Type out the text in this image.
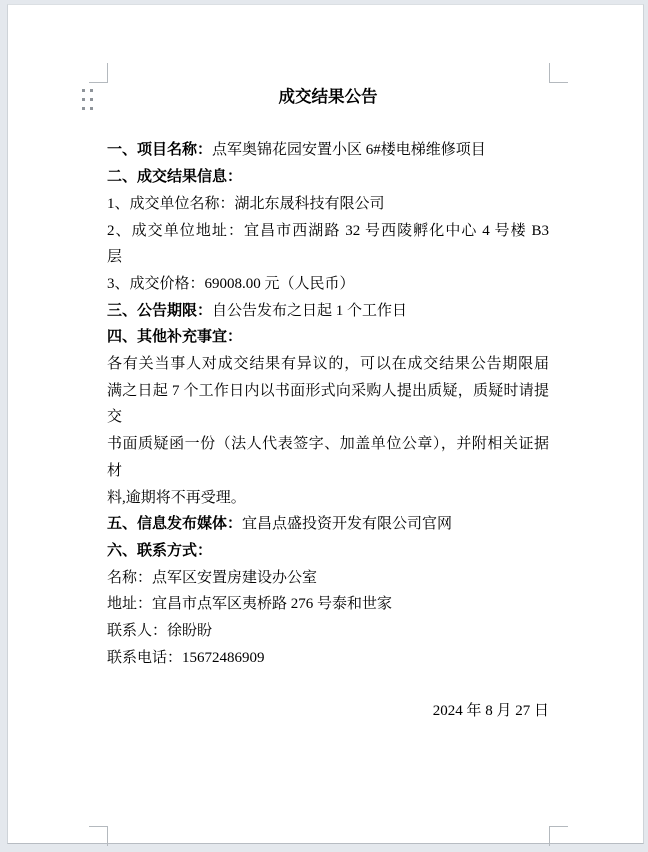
成交结果公告

一、项目名称：点军奥锦花园安置小区 6#楼电梯维修项目

二、成交结果信息：

1、成交单位名称：湖北东晟科技有限公司

2、成交单位地址：宜昌市西湖路 32 号西陵孵化中心 4 号楼 B3
层

3、成交价格：69008.00 元（人民币）

三、公告期限：自公告发布之日起 1 个工作日

四、其他补充事宜：

各有关当事人对成交结果有异议的，可以在成交结果公告期限届
满之日起 7 个工作日内以书面形式向采购人提出质疑，质疑时请提交
书面质疑函一份（法人代表签字、加盖单位公章），并附相关证据材
料,逾期将不再受理。

五、信息发布媒体：宜昌点盛投资开发有限公司官网

六、联系方式：

名称：点军区安置房建设办公室

地址：宜昌市点军区夷桥路 276 号泰和世家

联系人：徐盼盼

联系电话：15672486909

2024 年 8 月 27 日
